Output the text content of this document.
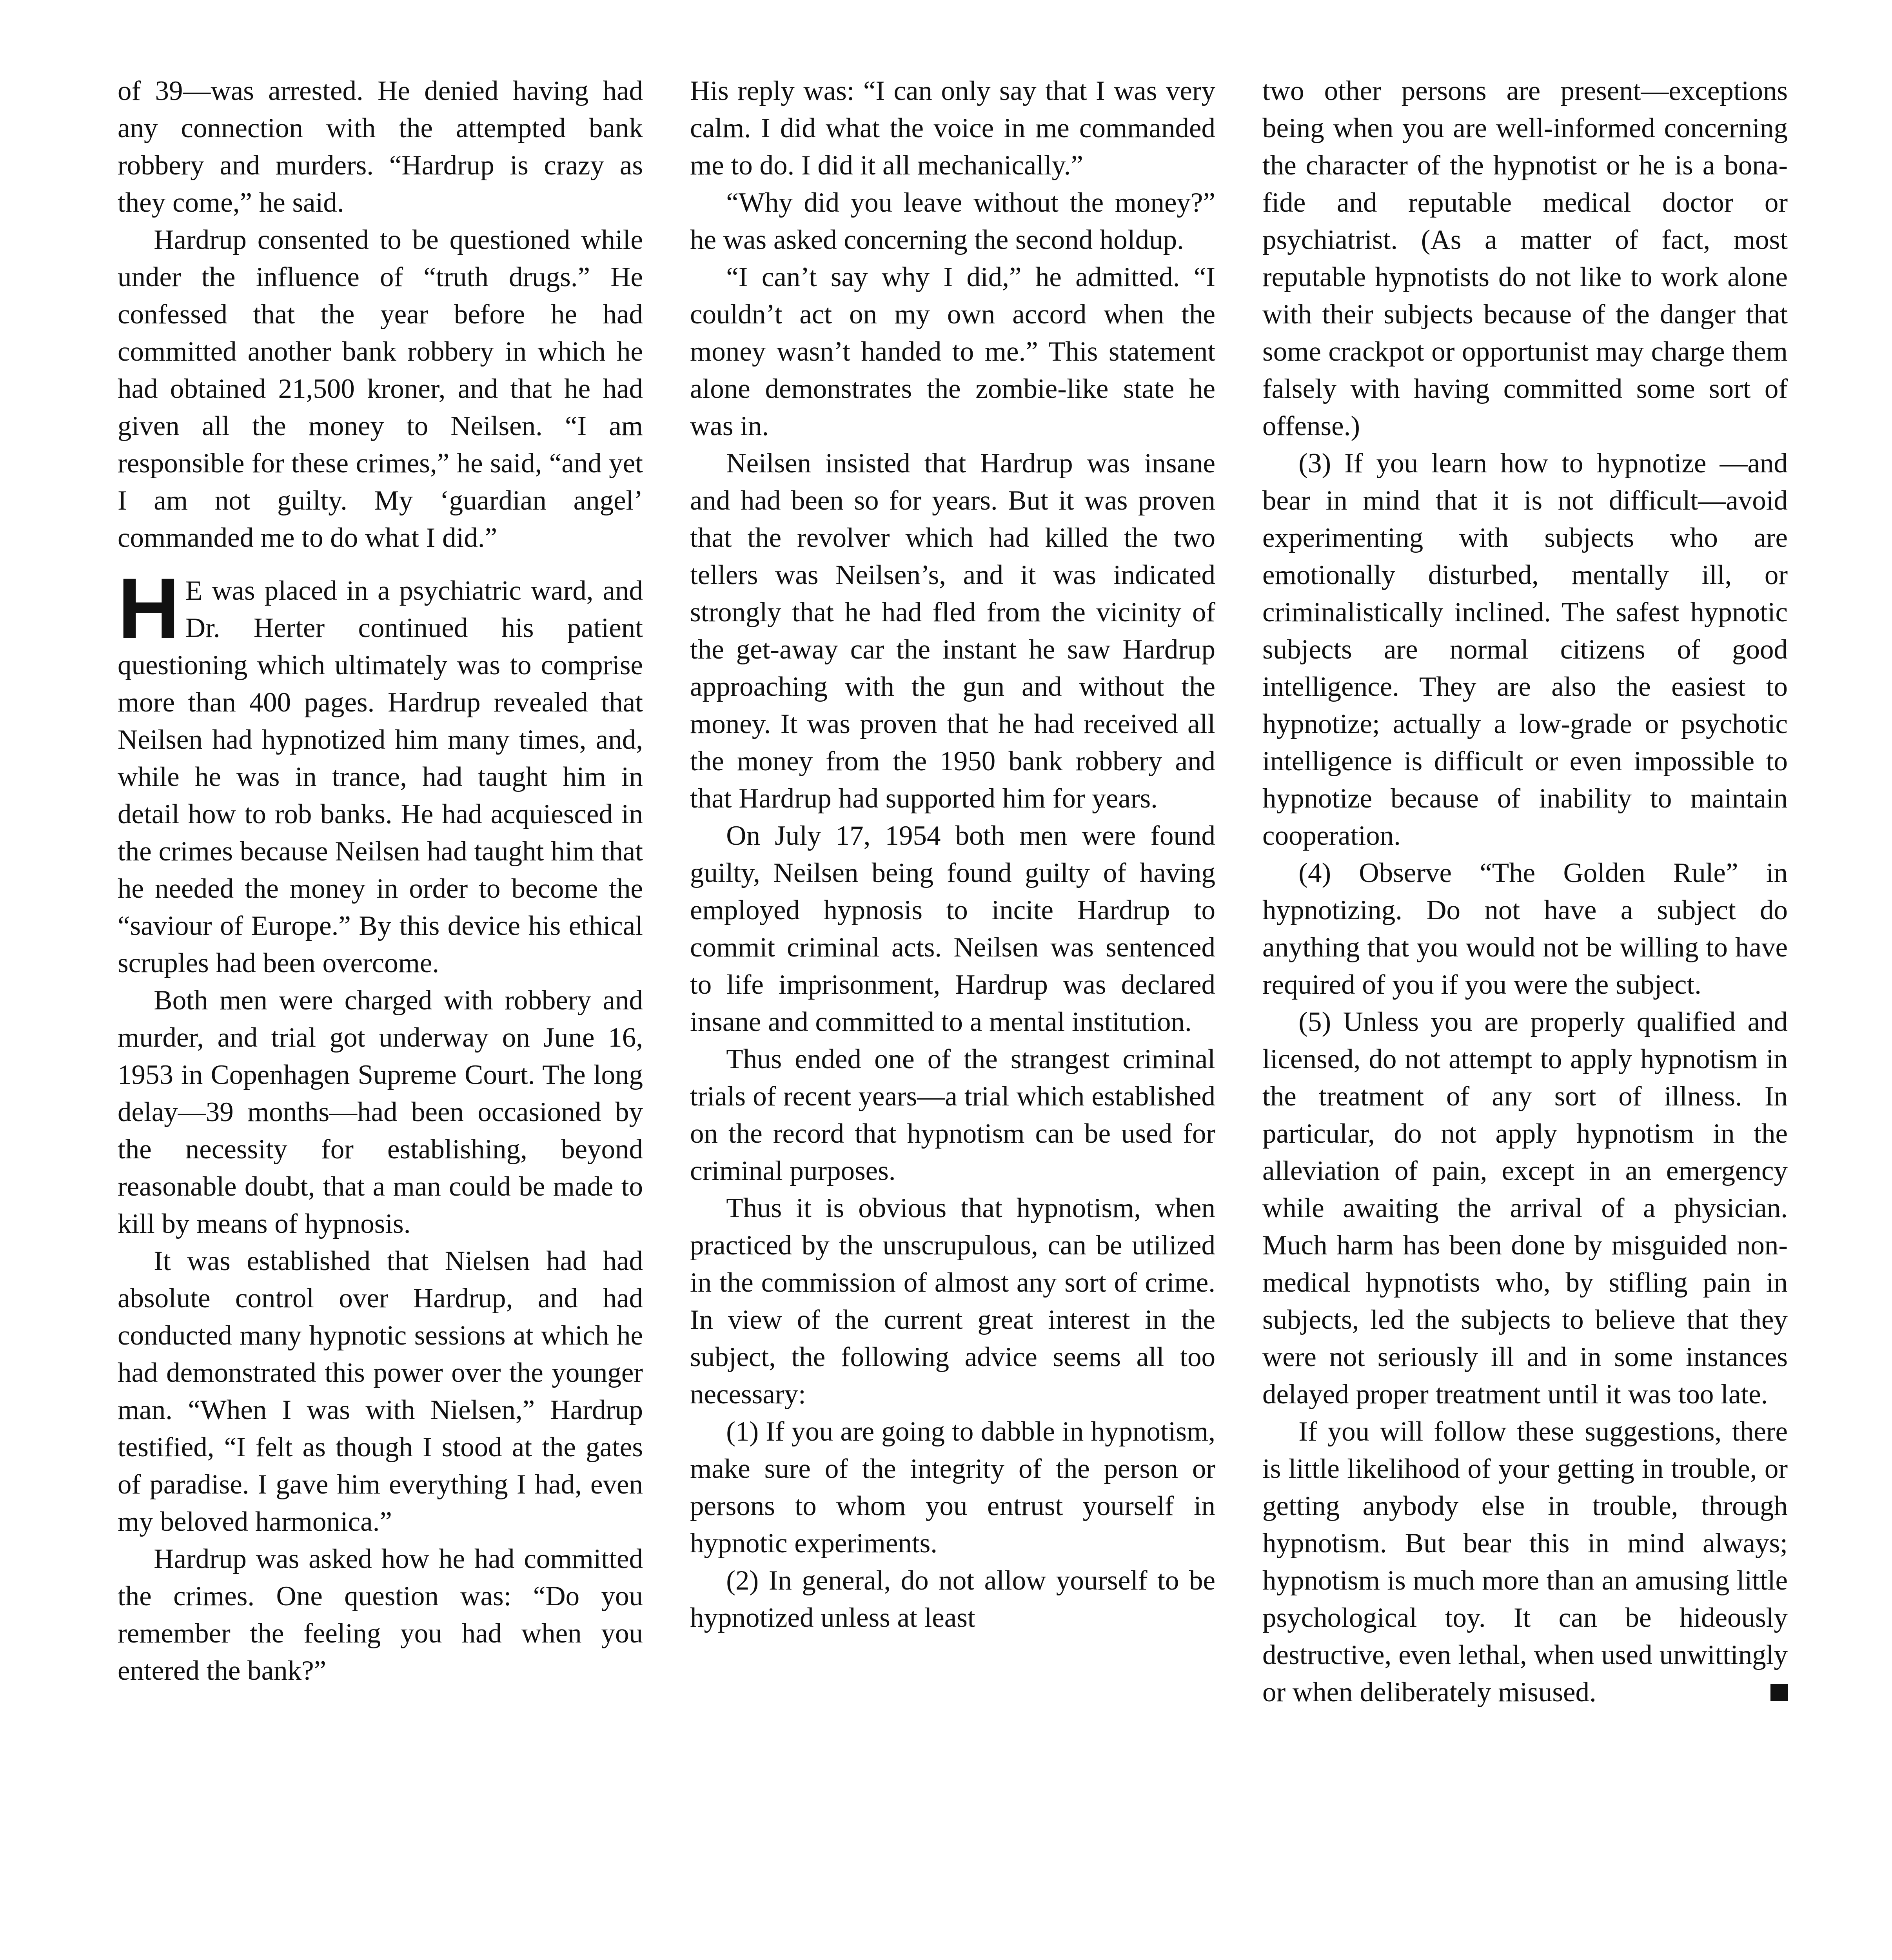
of 39—was arrested. He denied having had any connection with the attempted bank robbery and murders. “Hardrup is crazy as they come,” he said.

Hardrup consented to be questioned while under the influence of “truth drugs.” He confessed that the year before he had committed another bank robbery in which he had obtained 21,500 kroner, and that he had given all the money to Neilsen. “I am responsible for these crimes,” he said, “and yet I am not guilty. My ‘guardian angel’ commanded me to do what I did.”

H E was placed in a psychiatric ward, and Dr. Herter continued his patient questioning which ultimately was to comprise more than 400 pages. Hardrup revealed that Neilsen had hypnotized him many times, and, while he was in trance, had taught him in detail how to rob banks. He had acquiesced in the crimes because Neilsen had taught him that he needed the money in order to become the “saviour of Europe.” By this device his ethical scruples had been overcome.

Both men were charged with robbery and murder, and trial got underway on June 16, 1953 in Copenhagen Supreme Court. The long delay—39 months—had been occasioned by the necessity for establishing, beyond reasonable doubt, that a man could be made to kill by means of hypnosis.

It was established that Nielsen had had absolute control over Hardrup, and had conducted many hypnotic sessions at which he had demonstrated this power over the younger man. “When I was with Nielsen,” Hardrup testified, “I felt as though I stood at the gates of paradise. I gave him everything I had, even my beloved harmonica.”

Hardrup was asked how he had committed the crimes. One question was: “Do you remember the feeling you had when you entered the bank?”

His reply was: “I can only say that I was very calm. I did what the voice in me commanded me to do. I did it all mechanically.”

“Why did you leave without the money?” he was asked concerning the second holdup.

“I can’t say why I did,” he admitted. “I couldn’t act on my own accord when the money wasn’t handed to me.” This statement alone demonstrates the zombie-like state he was in.

Neilsen insisted that Hardrup was insane and had been so for years. But it was proven that the revolver which had killed the two tellers was Neilsen’s, and it was indicated strongly that he had fled from the vicinity of the get-away car the instant he saw Hardrup approaching with the gun and without the money. It was proven that he had received all the money from the 1950 bank robbery and that Hardrup had supported him for years.

On July 17, 1954 both men were found guilty, Neilsen being found guilty of having employed hypnosis to incite Hardrup to commit criminal acts. Neilsen was sentenced to life imprisonment, Hardrup was declared insane and committed to a mental institution.

Thus ended one of the strangest criminal trials of recent years—a trial which established on the record that hypnotism can be used for criminal purposes.

Thus it is obvious that hypnotism, when practiced by the unscrupulous, can be utilized in the commission of almost any sort of crime. In view of the current great interest in the subject, the following advice seems all too necessary:

(1) If you are going to dabble in hypnotism, make sure of the integrity of the person or persons to whom you entrust yourself in hypnotic experiments.

(2) In general, do not allow yourself to be hypnotized unless at least

two other persons are present—exceptions being when you are well-informed concerning the character of the hypnotist or he is a bona-fide and reputable medical doctor or psychiatrist. (As a matter of fact, most reputable hypnotists do not like to work alone with their subjects because of the danger that some crackpot or opportunist may charge them falsely with having committed some sort of offense.)

(3) If you learn how to hypnotize —and bear in mind that it is not difficult—avoid experimenting with subjects who are emotionally disturbed, mentally ill, or criminalistically inclined. The safest hypnotic subjects are normal citizens of good intelligence. They are also the easiest to hypnotize; actually a low-grade or psychotic intelligence is difficult or even impossible to hypnotize because of inability to maintain cooperation.

(4) Observe “The Golden Rule” in hypnotizing. Do not have a subject do anything that you would not be willing to have required of you if you were the subject.

(5) Unless you are properly qualified and licensed, do not attempt to apply hypnotism in the treatment of any sort of illness. In particular, do not apply hypnotism in the alleviation of pain, except in an emergency while awaiting the arrival of a physician. Much harm has been done by misguided non-medical hypnotists who, by stifling pain in subjects, led the subjects to believe that they were not seriously ill and in some instances delayed proper treatment until it was too late.

If you will follow these suggestions, there is little likelihood of your getting in trouble, or getting anybody else in trouble, through hypnotism. But bear this in mind always; hypnotism is much more than an amusing little psychological toy. It can be hideously destructive, even lethal, when used unwittingly or when deliberately misused.
